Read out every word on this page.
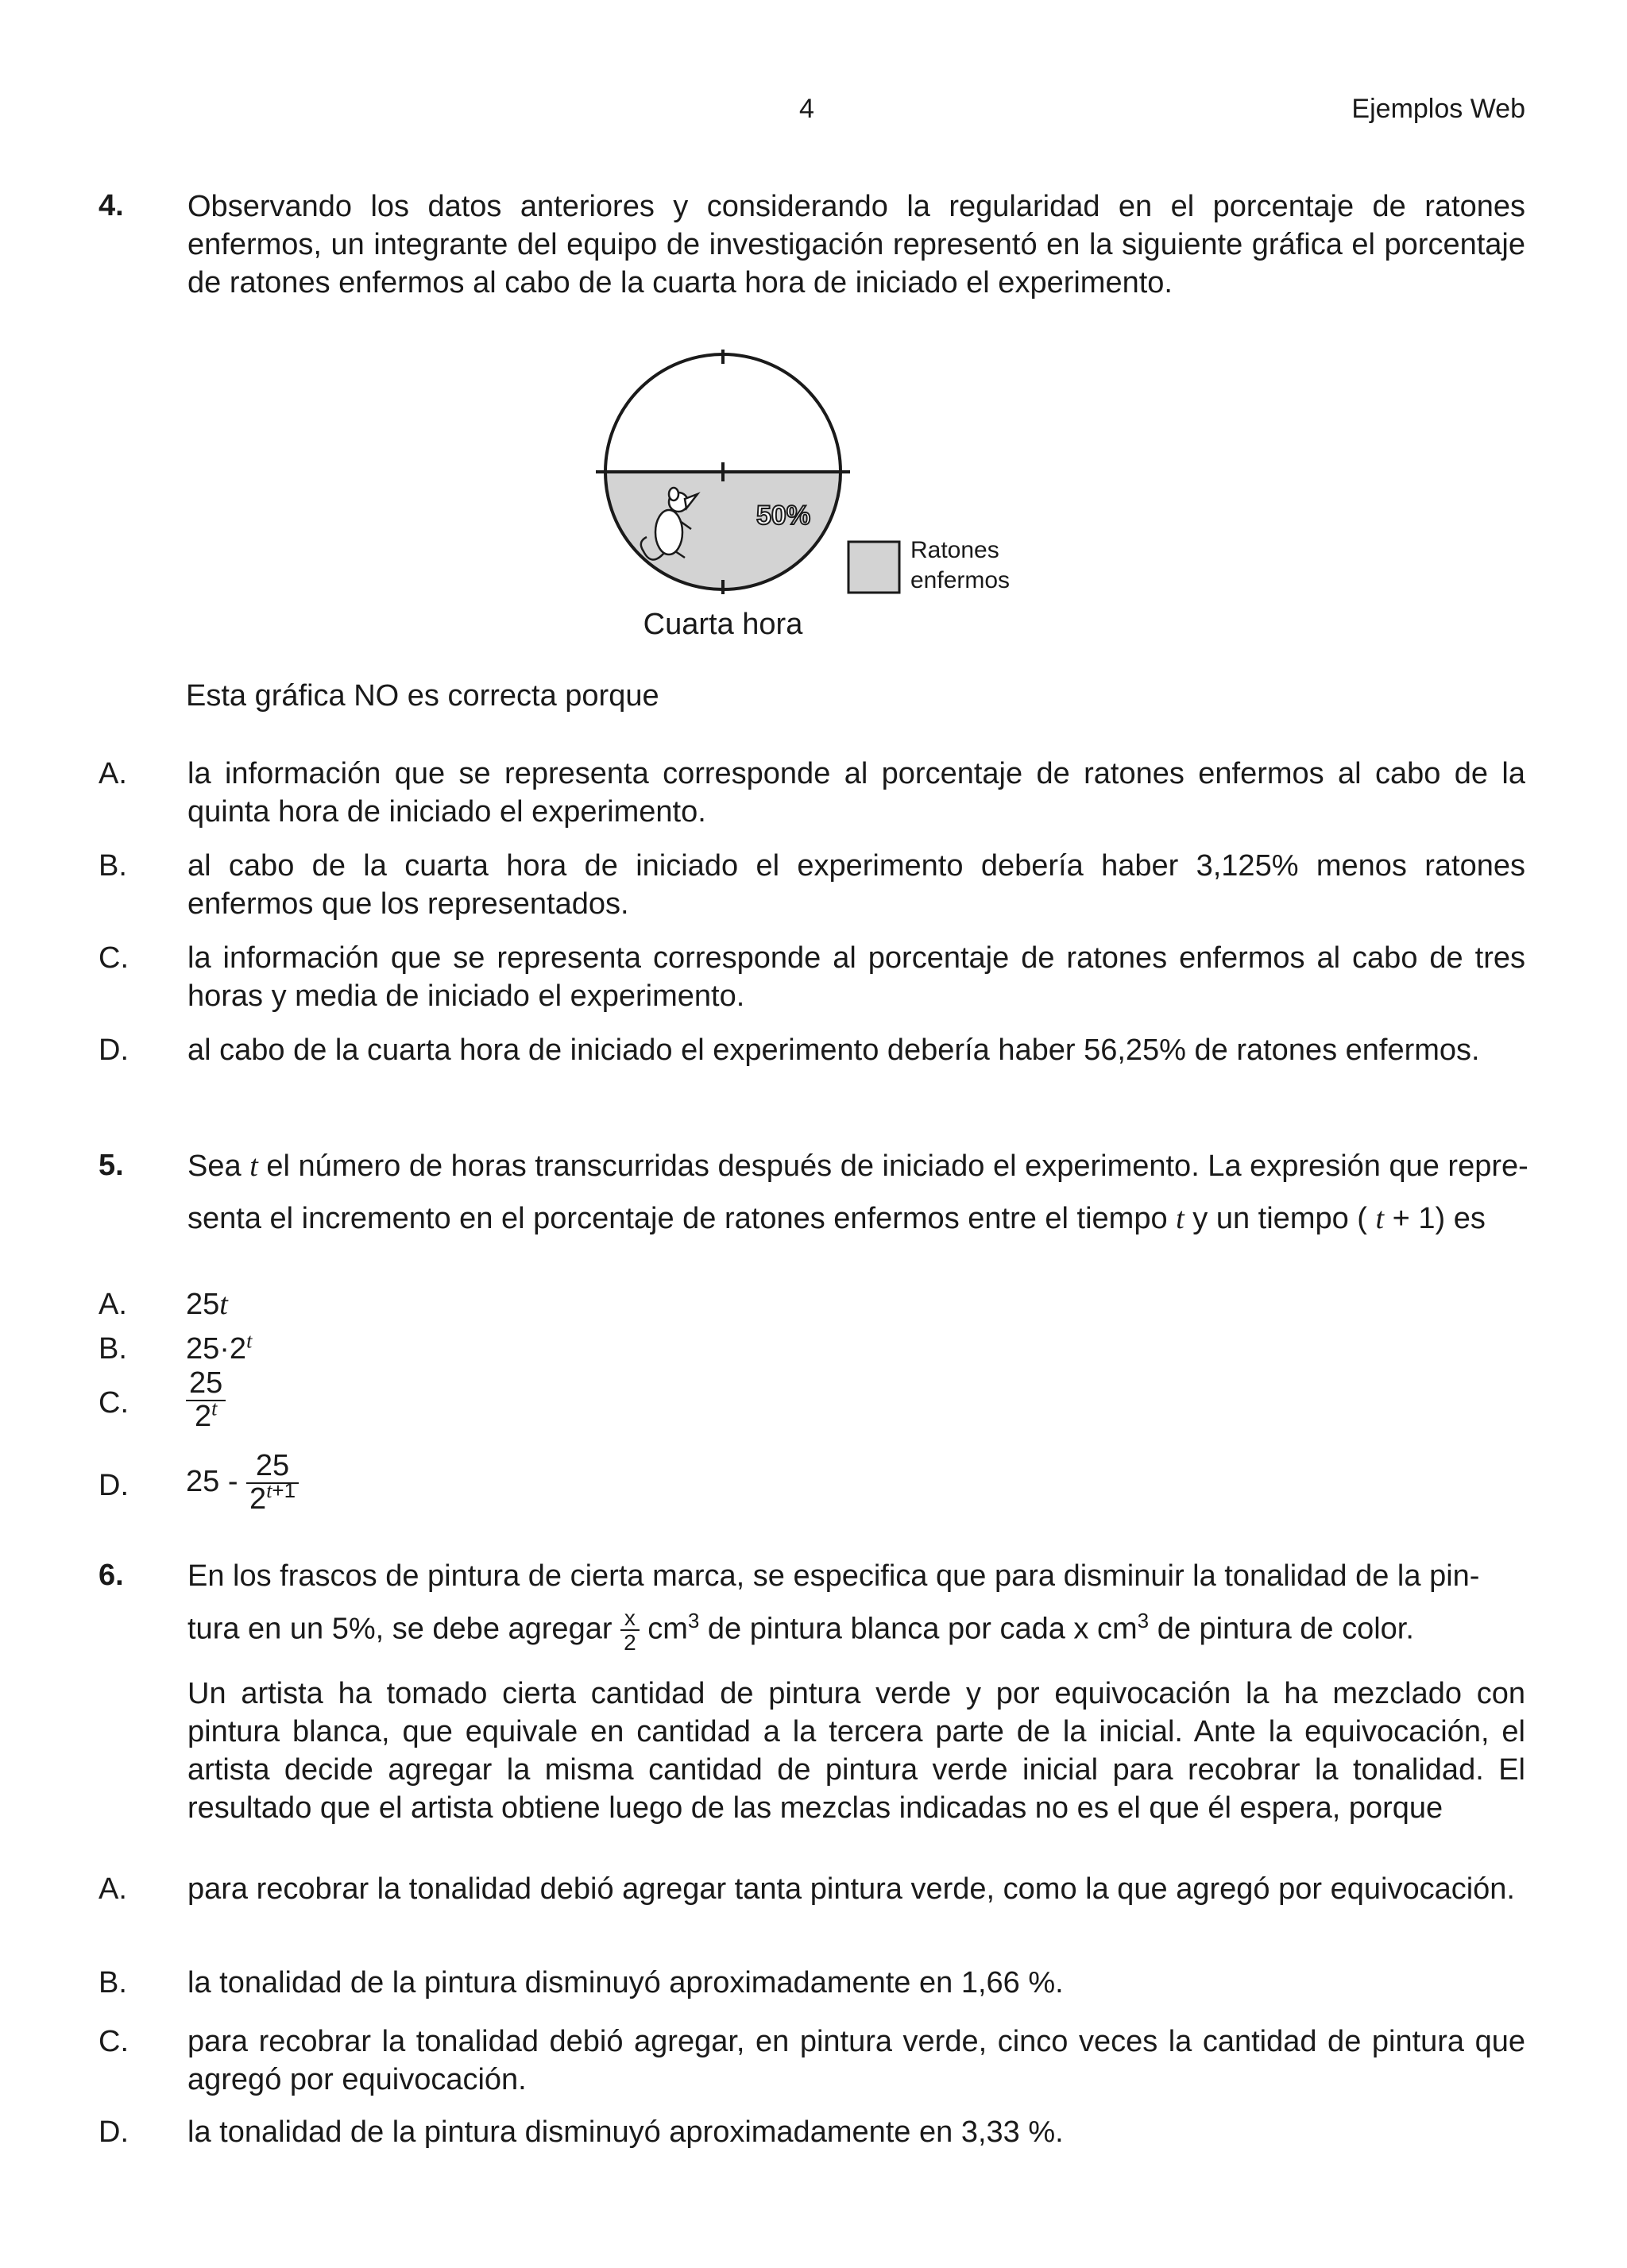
4	Ejemplos Web
4. Observando los datos anteriores y considerando la regularidad en el porcentaje de ratones enfermos, un integrante del equipo de investigación representó en la siguiente gráfica el porcentaje de ratones enfermos al cabo de la cuarta hora de iniciado el experimento.
50%
Ratones
enfermos
Cuarta hora
Esta gráfica NO es correcta porque
A. la información que se representa corresponde al porcentaje de ratones enfermos al cabo de la quinta hora de iniciado el experimento.
B. al cabo de la cuarta hora de iniciado el experimento debería haber 3,125% menos ratones enfermos que los representados.
C. la información que se representa corresponde al porcentaje de ratones enfermos al cabo de tres horas y media de iniciado el experimento.
D. al cabo de la cuarta hora de iniciado el experimento debería haber 56,25% de ratones enfermos.
5. Sea t el número de horas transcurridas después de iniciado el experimento. La expresión que repre-
senta el incremento en el porcentaje de ratones enfermos entre el tiempo t y un tiempo ( t + 1) es
A. 25t
B. $25\cdot 2^t$
C. $\frac{25}{2^t}$
D. $25 - \frac{25}{2^{t+1}}$
6. En los frascos de pintura de cierta marca, se especifica que para disminuir la tonalidad de la pin-
tura en un 5%, se debe agregar $\frac{x}{2} cm^3$ de pintura blanca por cada x $cm^3$ de pintura de color.
Un artista ha tomado cierta cantidad de pintura verde y por equivocación la ha mezclado con pintura blanca, que equivale en cantidad a la tercera parte de la inicial. Ante la equivocación, el artista decide agregar la misma cantidad de pintura verde inicial para recobrar la tonalidad. El resultado que el artista obtiene luego de las mezclas indicadas no es el que él espera, porque
A. para recobrar la tonalidad debió agregar tanta pintura verde, como la que agregó por equivocación.
B. la tonalidad de la pintura disminuyó aproximadamente en 1,66 %.
C. para recobrar la tonalidad debió agregar, en pintura verde, cinco veces la cantidad de pintura que agregó por equivocación.
D. la tonalidad de la pintura disminuyó aproximadamente en 3,33 %.
